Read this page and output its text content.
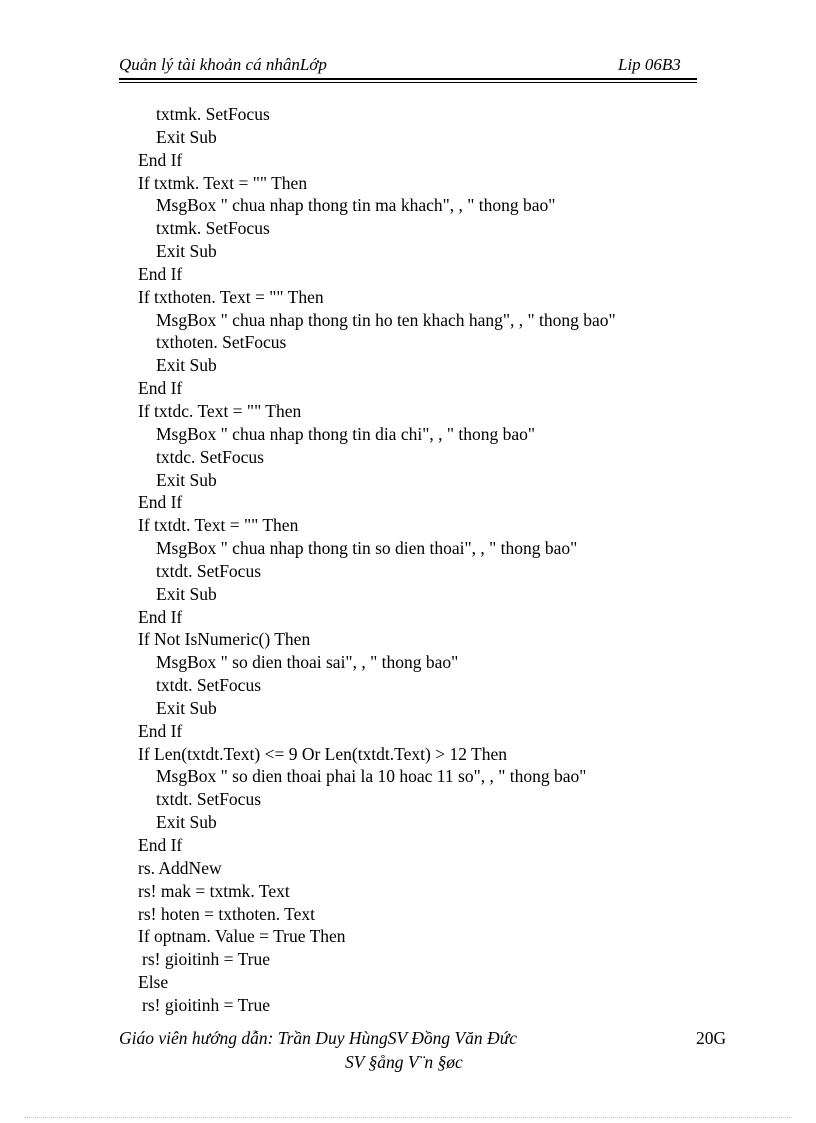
Quản lý tài khoản cá nhânLớp	Lip 06B3
txtmk. SetFocus
Exit Sub
End If
If txtmk. Text = "" Then
MsgBox " chua nhap thong tin ma khach", , " thong bao"
txtmk. SetFocus
Exit Sub
End If
If txthoten. Text = "" Then
MsgBox " chua nhap thong tin ho ten khach hang", , " thong bao"
txthoten. SetFocus
Exit Sub
End If
If txtdc. Text = "" Then
MsgBox " chua nhap thong tin dia chi", , " thong bao"
txtdc. SetFocus
Exit Sub
End If
If txtdt. Text = "" Then
MsgBox " chua nhap thong tin so dien thoai", , " thong bao"
txtdt. SetFocus
Exit Sub
End If
If Not IsNumeric() Then
MsgBox " so dien thoai sai", , " thong bao"
txtdt. SetFocus
Exit Sub
End If
If Len(txtdt.Text) <= 9 Or Len(txtdt.Text) > 12 Then
MsgBox " so dien thoai phai la 10 hoac 11 so", , " thong bao"
txtdt. SetFocus
Exit Sub
End If
rs. AddNew
rs! mak = txtmk. Text
rs! hoten = txthoten. Text
If optnam. Value = True Then
rs! gioitinh = True
Else
rs! gioitinh = True
Giáo viên hướng dẫn: Trần Duy HùngSV Đồng Văn Đức	20G
SV §ång V¨n §øc
